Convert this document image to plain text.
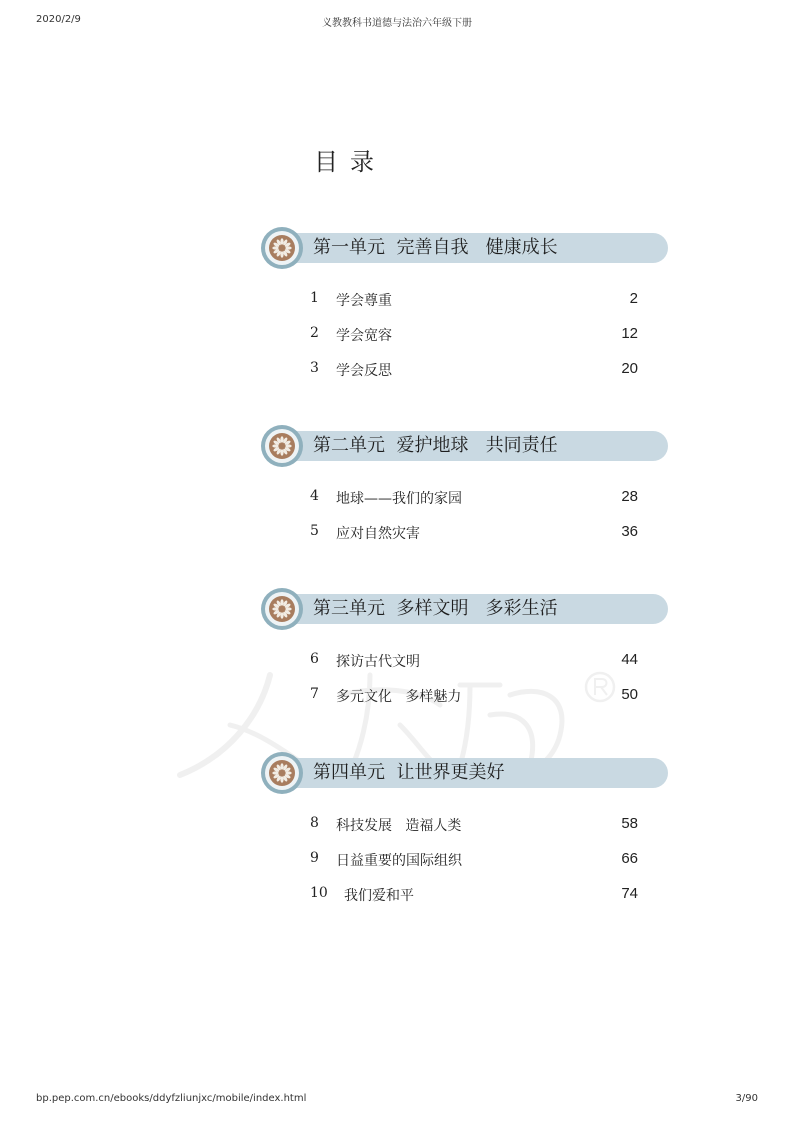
2020/2/9	义教教科书道德与法治六年级下册
目录
第一单元  完善自我   健康成长
1 学会尊重	2
2 学会宽容	12
3 学会反思	20
第二单元  爱护地球   共同责任
4 地球——我们的家园	28
5 应对自然灾害	36
第三单元  多样文明   多彩生活
6 探访古代文明	44
7 多元文化   多样魅力	50
第四单元  让世界更美好
8 科技发展   造福人类	58
9 日益重要的国际组织	66
10 我们爱和平	74
bp.pep.com.cn/ebooks/ddyfzliunjxc/mobile/index.html	3/90
